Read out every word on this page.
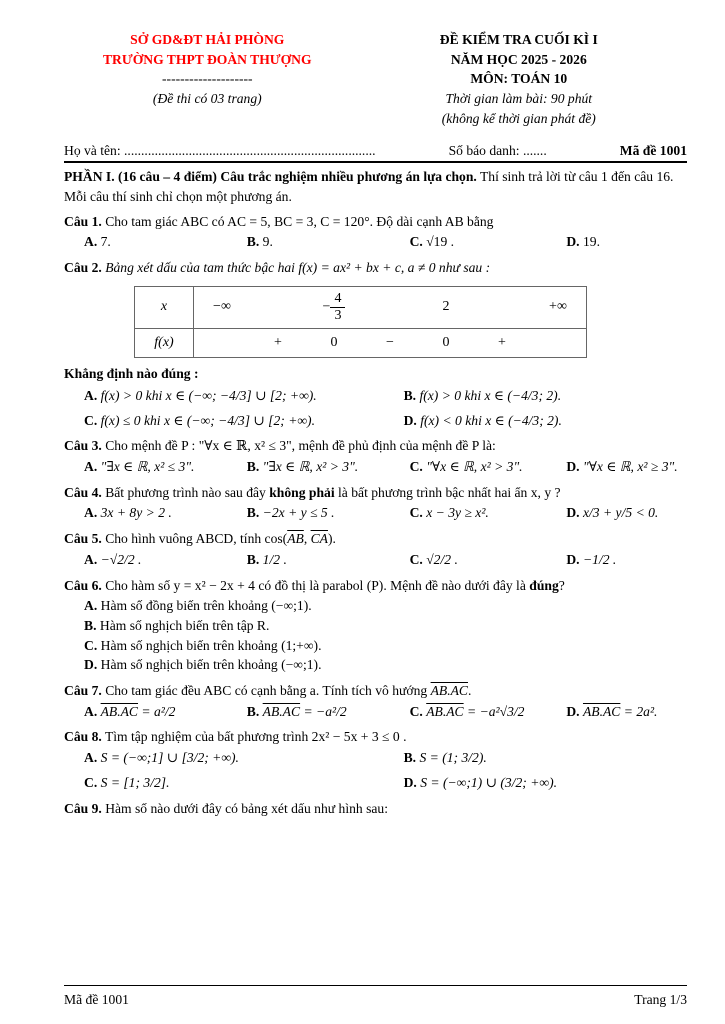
SỞ GD&ĐT HẢI PHÒNG
TRƯỜNG THPT ĐOÀN THƯỢNG
--------------------
(Đề thi có 03 trang)
ĐỀ KIỂM TRA CUỐI KÌ I
NĂM HỌC 2025 - 2026
MÔN: TOÁN 10
Thời gian làm bài: 90 phút
(không kể thời gian phát đề)
Họ và tên: ..........................................................................	Số báo danh: .......	Mã đề 1001

PHẦN I. (16 câu – 4 điểm) Câu trắc nghiệm nhiều phương án lựa chọn. Thí sinh trả lời từ câu 1 đến câu 16. Mỗi câu thí sinh chỉ chọn một phương án.

Câu 1. Cho tam giác ABC có AC = 5, BC = 3, C = 120°. Độ dài cạnh AB bằng

A. 7.	B. 9.	C. √19 .	D. 19.

Câu 2. Bảng xét dấu của tam thức bậc hai f(x) = ax² + bx + c, a ≠ 0 như sau :

x	−∞		− $\frac{4}{3}$		2		+∞
f(x)		+	0	−	0	+	

Khẳng định nào đúng :

A. f(x) > 0 khi x ∈ (−∞; −4/3] ∪ [2; +∞).	B. f(x) > 0 khi x ∈ (−4/3; 2).
C. f(x) ≤ 0 khi x ∈ (−∞; −4/3] ∪ [2; +∞).	D. f(x) < 0 khi x ∈ (−4/3; 2).

Câu 3. Cho mệnh đề P : "∀x ∈ ℝ, x² ≤ 3", mệnh đề phủ định của mệnh đề P là:

A. "∃x ∈ ℝ, x² ≤ 3".	B. "∃x ∈ ℝ, x² > 3".	C. "∀x ∈ ℝ, x² > 3".	D. "∀x ∈ ℝ, x² ≥ 3".

Câu 4. Bất phương trình nào sau đây không phải là bất phương trình bậc nhất hai ẩn x, y ?

A. 3x + 8y > 2 .	B. −2x + y ≤ 5 .	C. x − 3y ≥ x².	D. x/3 + y/5 < 0.

Câu 5. Cho hình vuông ABCD, tính $\cos(\overline{AB}$, $\overline{CA}$).

A. −√2/2 .	B. 1/2 .	C. √2/2 .	D. −1/2 .

Câu 6. Cho hàm số y = x² − 2x + 4 có đồ thị là parabol (P). Mệnh đề nào dưới đây là đúng?

A. Hàm số đồng biến trên khoảng (−∞;1).
B. Hàm số nghịch biến trên tập R.
C. Hàm số nghịch biến trên khoảng (1;+∞).
D. Hàm số nghịch biến trên khoảng (−∞;1).

Câu 7. Cho tam giác đều ABC có cạnh bằng a. Tính tích vô hướng AB.AC.

A. AB.AC = a²/2	B. AB.AC = −a²/2	C. AB.AC = −a²√3/2	D. AB.AC = 2a².

Câu 8. Tìm tập nghiệm của bất phương trình 2x² − 5x + 3 ≤ 0 .

A. S = (−∞;1] ∪ [3/2; +∞).	B. S = (1; 3/2).
C. S = [1; 3/2].	D. S = (−∞;1) ∪ (3/2; +∞).

Câu 9. Hàm số nào dưới đây có bảng xét dấu như hình sau:

Mã đề 1001	Trang 1/3
